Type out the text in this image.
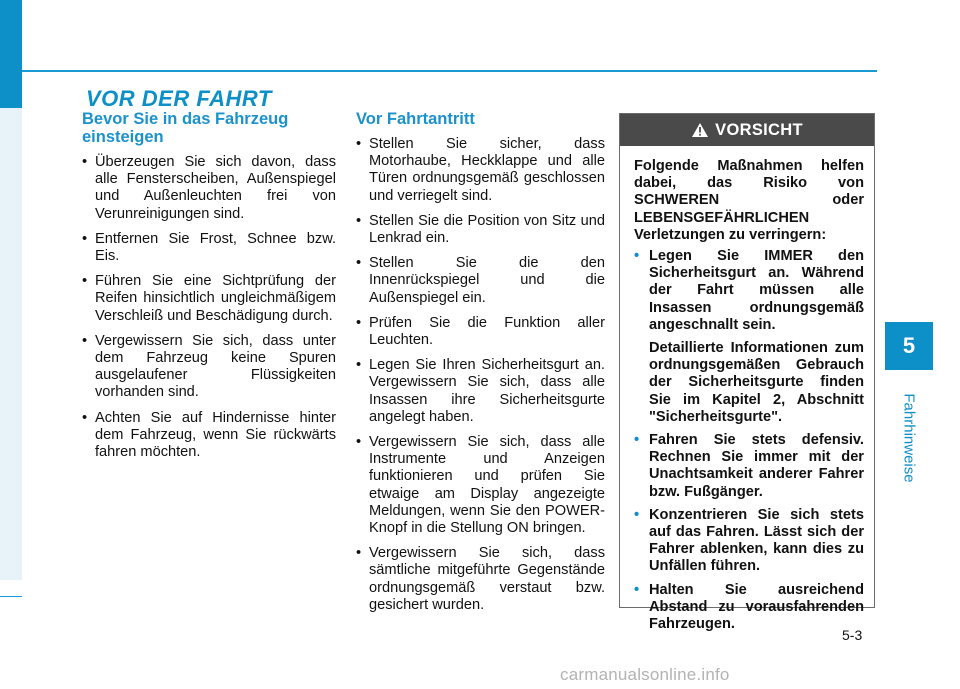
5
Fahrhinweise
VOR DER FAHRT
Bevor Sie in das Fahrzeug einsteigen
• Überzeugen Sie sich davon, dass alle Fensterscheiben, Außenspiegel und Außenleuchten frei von Verunreinigungen sind.
• Entfernen Sie Frost, Schnee bzw. Eis.
• Führen Sie eine Sichtprüfung der Reifen hinsichtlich ungleichmäßigem Verschleiß und Beschädigung durch.
• Vergewissern Sie sich, dass unter dem Fahrzeug keine Spuren ausgelaufener Flüssigkeiten vorhanden sind.
• Achten Sie auf Hindernisse hinter dem Fahrzeug, wenn Sie rückwärts fahren möchten.
Vor Fahrtantritt
• Stellen Sie sicher, dass Motorhaube, Heckklappe und alle Türen ordnungsgemäß geschlossen und verriegelt sind.
• Stellen Sie die Position von Sitz und Lenkrad ein.
• Stellen Sie die den Innenrückspiegel und die Außenspiegel ein.
• Prüfen Sie die Funktion aller Leuchten.
• Legen Sie Ihren Sicherheitsgurt an. Vergewissern Sie sich, dass alle Insassen ihre Sicherheitsgurte angelegt haben.
• Vergewissern Sie sich, dass alle Instrumente und Anzeigen funktionieren und prüfen Sie etwaige am Display angezeigte Meldungen, wenn Sie den POWER-Knopf in die Stellung ON bringen.
• Vergewissern Sie sich, dass sämtliche mitgeführte Gegenstände ordnungsgemäß verstaut bzw. gesichert wurden.
VORSICHT

Folgende Maßnahmen helfen dabei, das Risiko von SCHWEREN oder LEBENSGEFÄHRLICHEN Verletzungen zu verringern:

• Legen Sie IMMER den Sicherheitsgurt an. Während der Fahrt müssen alle Insassen ordnungsgemäß angeschnallt sein.
Detaillierte Informationen zum ordnungsgemäßen Gebrauch der Sicherheitsgurte finden Sie im Kapitel 2, Abschnitt "Sicherheitsgurte".
• Fahren Sie stets defensiv. Rechnen Sie immer mit der Unachtsamkeit anderer Fahrer bzw. Fußgänger.
• Konzentrieren Sie sich stets auf das Fahren. Lässt sich der Fahrer ablenken, kann dies zu Unfällen führen.
• Halten Sie ausreichend Abstand zu vorausfahrenden Fahrzeugen.
5-3
carmanualsonline.info
